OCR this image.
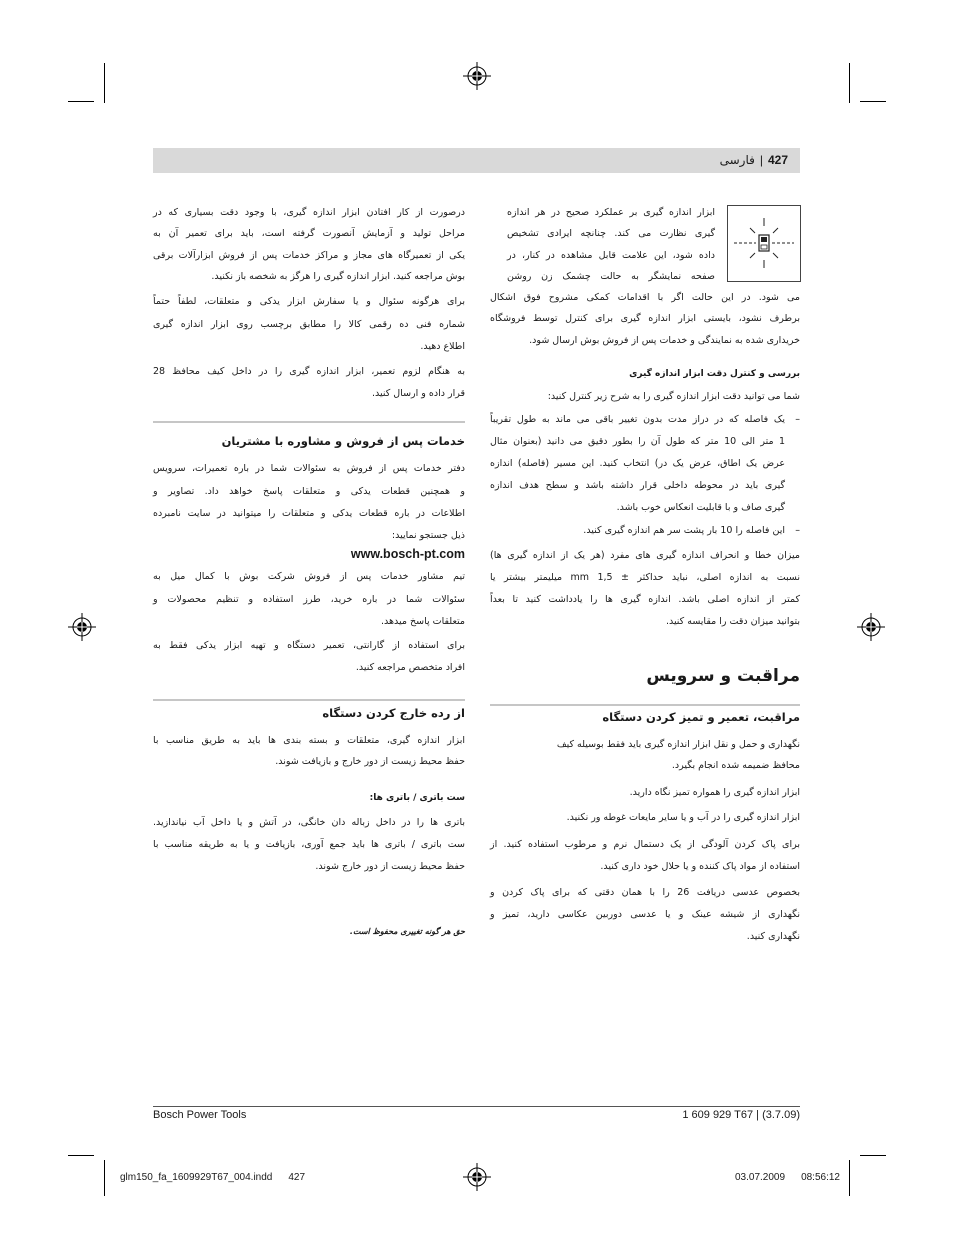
فارسی | 427
ابزار اندازه گیری بر عملکرد صحیح در هر اندازه
گیری نظارت می کند. چنانچه ایرادی تشخیص
داده شود، این علامت قابل مشاهده در کنار، در
صفحه نمایشگر به حالت چشمک زن روشن
می شود. در این حالت اگر با اقدامات کمکی مشروح فوق اشکال
برطرف نشود، بایستی ابزار اندازه گیری برای کنترل توسط فروشگاه
خریداری شده به نمایندگی و خدمات پس از فروش بوش ارسال شود.
بررسی و کنترل دقت ابزار اندازه گیری
شما می توانید دقت ابزار اندازه گیری را به شرح زیر کنترل کنید:
–
یک فاصله که در دراز مدت بدون تغییر باقی می ماند به طول تقریباً
1 متر الی 10 متر که طول آن را بطور دقیق می دانید (بعنوان مثال
عرض یک اطاق، عرض یک در) انتخاب کنید. این مسیر (فاصله) اندازه
گیری باید در محوطه داخلی قرار داشته باشد و سطح هدف اندازه
گیری صاف و با قابلیت انعکاس خوب باشد.
–
این فاصله را 10 بار پشت سر هم اندازه گیری کنید.
میزان خطا و انحراف اندازه گیری های مفرد (هر یک از اندازه گیری ها)
نسبت به اندازه اصلی، نباید حداکثر ± 1,5 mm میلیمتر بیشتر یا
کمتر از اندازه اصلی باشد. اندازه گیری ها را یادداشت کنید تا بعداً
بتوانید میزان دقت را مقایسه کنید.
مراقبت و سرویس
مراقبت، تعمیر و تمیز کردن دستگاه
نگهداری و حمل و نقل ابزار اندازه گیری باید فقط بوسیله کیف
محافظ ضمیمه شده انجام بگیرد.
ابزار اندازه گیری را همواره تمیز نگاه دارید.
ابزار اندازه گیری را در آب و یا سایر مایعات غوطه ور نکنید.
برای پاک کردن آلودگی از یک دستمال نرم و مرطوب استفاده کنید. از
استفاده از مواد پاک کننده و یا حلال خود داری کنید.
بخصوص عدسی دریافت 26 را با همان دقتی که برای پاک کردن و
نگهداری از شیشه عینک و یا عدسی دوربین عکاسی دارید، تمیز و
نگهداری کنید.
درصورت از کار افتادن ابزار اندازه گیری، با وجود دقت بسیاری که در
مراحل تولید و آزمایش آنصورت گرفته است، باید برای تعمیر آن به
یکی از تعمیرگاه های مجاز و مراکز خدمات پس از فروش ابزارآلات برقی
بوش مراجعه کنید. ابزار اندازه گیری را هرگز به شخصه باز نکنید.
برای هرگونه سئوال و یا سفارش ابزار یدکی و متعلقات، لطفاً حتماً
شماره فنی ده رقمی کالا را مطابق برچسب روی ابزار اندازه گیری
اطلاع دهید.
به هنگام لزوم تعمیر، ابزار اندازه گیری را در داخل کیف محافظ 28
قرار داده و ارسال کنید.
خدمات پس از فروش و مشاوره با مشتریان
دفتر خدمات پس از فروش به سئوالات شما در باره تعمیرات، سرویس
و همچنین قطعات یدکی و متعلقات پاسخ خواهد داد. تصاویر و
اطلاعات در باره قطعات یدکی و متعلقات را میتوانید در سایت نامبرده
ذیل جستجو نمایید:
www.bosch-pt.com
تیم مشاور خدمات پس از فروش شرکت بوش با کمال میل به
سئوالات شما در باره خرید، طرز استفاده و تنظیم محصولات و
متعلقات پاسخ میدهد.
برای استفاده از گارانتی، تعمیر دستگاه و تهیه ابزار یدکی فقط به
افراد متخصص مراجعه کنید.
از رده خارج کردن دستگاه
ابزار اندازه گیری، متعلقات و بسته بندی ها باید به طریق مناسب با
حفظ محیط زیست از دور خارج و بازیافت شوند.
ست باتری / باتری ها:
باتری ها را در داخل زباله دان خانگی، در آتش و یا داخل آب نیاندازید.
ست باتری / باتری ها باید جمع آوری، بازیافت و یا به طریقه مناسب با
حفظ محیط زیست از دور خارج شوند.
حق هر گونه تغییری محفوظ است.
Bosch Power Tools	1 609 929 T67 | (3.7.09)
glm150_fa_1609929T67_004.indd 427	03.07.2009 08:56:12
